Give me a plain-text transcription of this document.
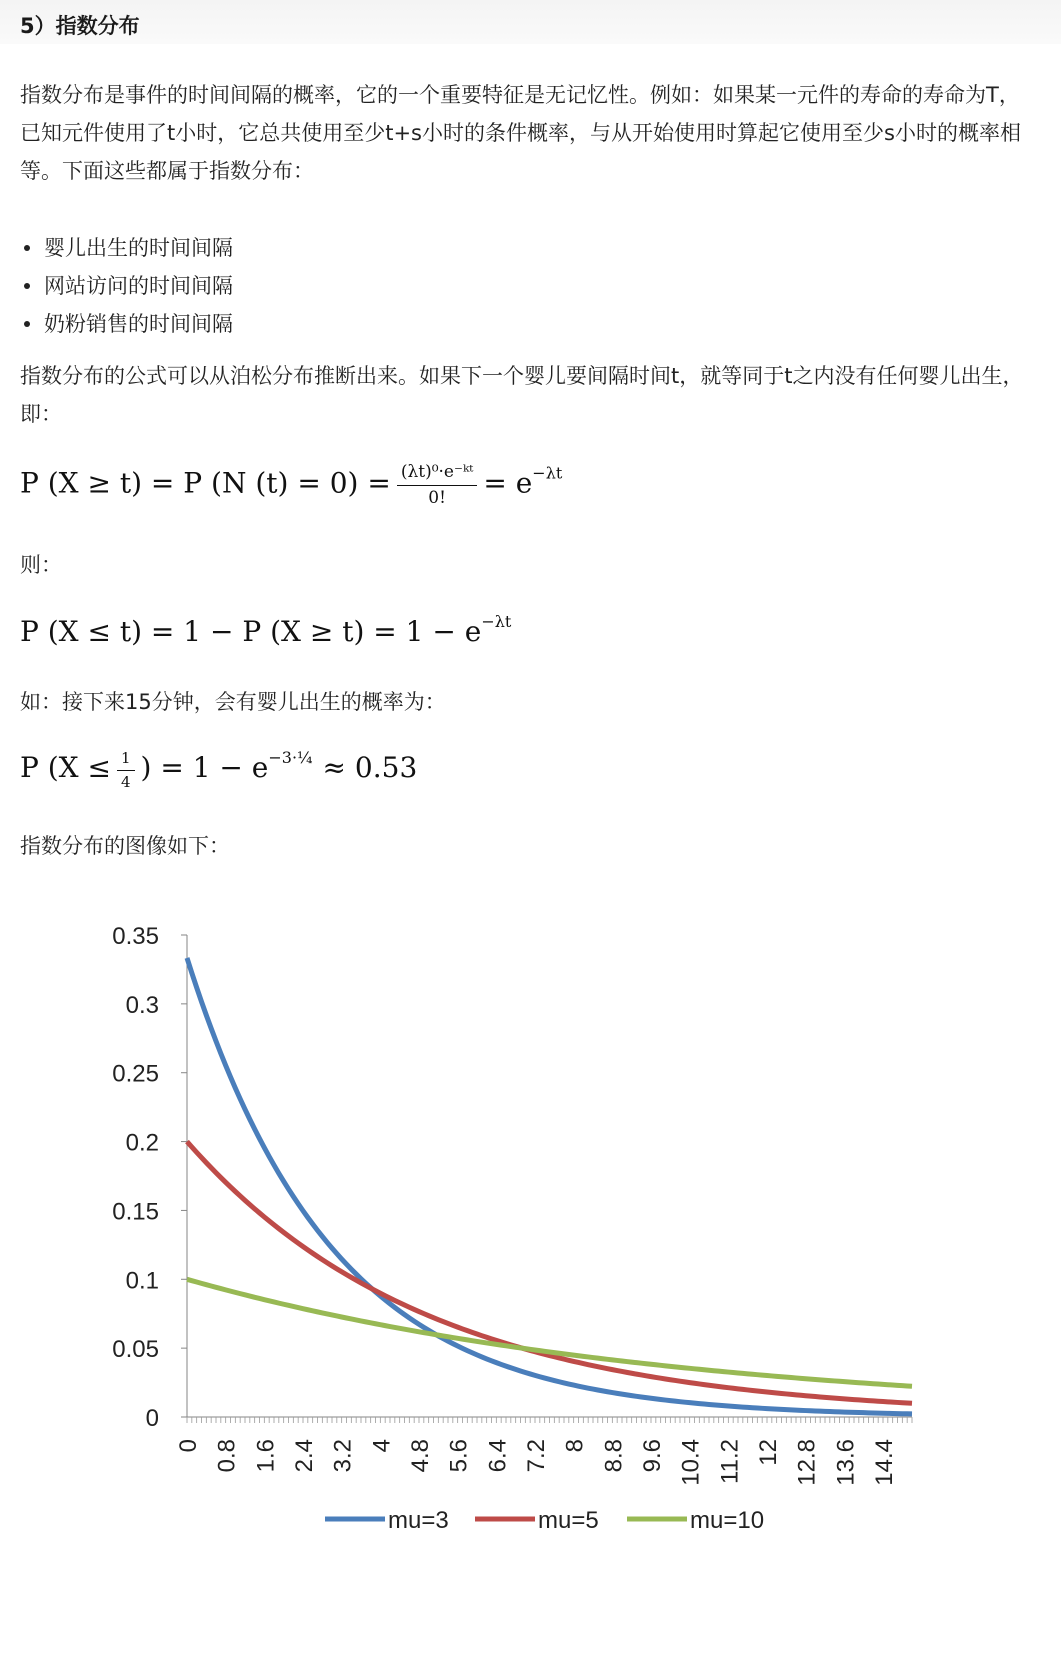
5）指数分布
指数分布是事件的时间间隔的概率，它的一个重要特征是无记忆性。例如：如果某一元件的寿命的寿命为T，已知元件使用了t小时，它总共使用至少t+s小时的条件概率，与从开始使用时算起它使用至少s小时的概率相等。下面这些都属于指数分布：
婴儿出生的时间间隔
网站访问的时间间隔
奶粉销售的时间间隔
指数分布的公式可以从泊松分布推断出来。如果下一个婴儿要间隔时间t，就等同于t之内没有任何婴儿出生，即：
P (X ≥ t) = P (N $(t) = 0) = \frac{\text{(λt)⁰·e⁻ᵏᵗ}}{0!} = e^{-\lambda t}$
则：
P (X ≤ t) = 1 − P $(X \ge t) = 1 - e^{-\lambda t}$
如：接下来15分钟，会有婴儿出生的概率为：
P ($X \le \frac{1}{4}$ ) = $1 - e^{-3\cdot\frac{1}{4}} \approx 0.53$
指数分布的图像如下：
0
0.05
0.1
0.15
0.2
0.25
0.3
0.35
0 0.8 1.6 2.4 3.2 4 4.8 5.6 6.4 7.2 8 8.8 9.6 10.4 11.2 12 12.8 13.6 14.4
mu=3	mu=5	mu=10
